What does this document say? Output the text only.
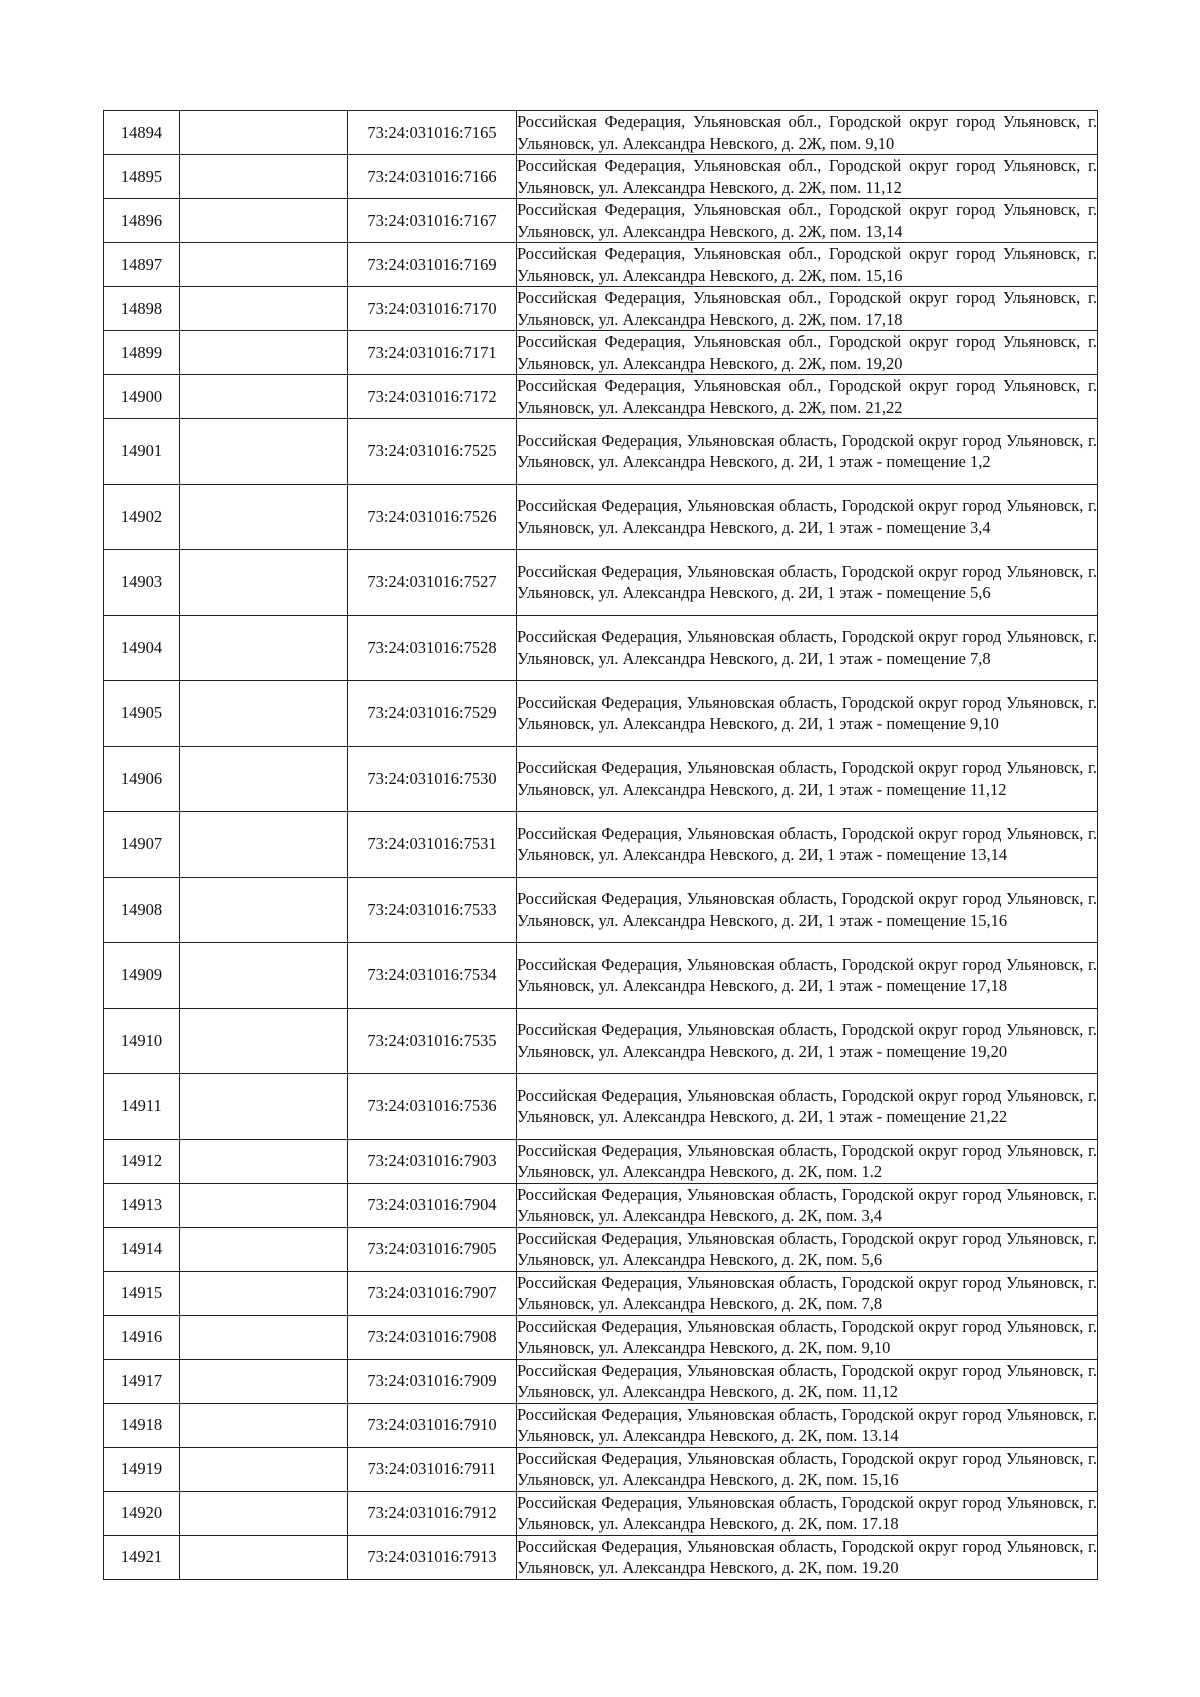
14894		73:24:031016:7165	Российская Федерация, Ульяновская обл., Городской округ город Ульяновск, г. Ульяновск, ул. Александра Невского, д. 2Ж, пом. 9,10
14895		73:24:031016:7166	Российская Федерация, Ульяновская обл., Городской округ город Ульяновск, г. Ульяновск, ул. Александра Невского, д. 2Ж, пом. 11,12
14896		73:24:031016:7167	Российская Федерация, Ульяновская обл., Городской округ город Ульяновск, г. Ульяновск, ул. Александра Невского, д. 2Ж, пом. 13,14
14897		73:24:031016:7169	Российская Федерация, Ульяновская обл., Городской округ город Ульяновск, г. Ульяновск, ул. Александра Невского, д. 2Ж, пом. 15,16
14898		73:24:031016:7170	Российская Федерация, Ульяновская обл., Городской округ город Ульяновск, г. Ульяновск, ул. Александра Невского, д. 2Ж, пом. 17,18
14899		73:24:031016:7171	Российская Федерация, Ульяновская обл., Городской округ город Ульяновск, г. Ульяновск, ул. Александра Невского, д. 2Ж, пом. 19,20
14900		73:24:031016:7172	Российская Федерация, Ульяновская обл., Городской округ город Ульяновск, г. Ульяновск, ул. Александра Невского, д. 2Ж, пом. 21,22
14901		73:24:031016:7525	Российская Федерация, Ульяновская область, Городской округ город Ульяновск, г. Ульяновск, ул. Александра Невского, д. 2И, 1 этаж - помещение 1,2
14902		73:24:031016:7526	Российская Федерация, Ульяновская область, Городской округ город Ульяновск, г. Ульяновск, ул. Александра Невского, д. 2И, 1 этаж - помещение 3,4
14903		73:24:031016:7527	Российская Федерация, Ульяновская область, Городской округ город Ульяновск, г. Ульяновск, ул. Александра Невского, д. 2И, 1 этаж - помещение 5,6
14904		73:24:031016:7528	Российская Федерация, Ульяновская область, Городской округ город Ульяновск, г. Ульяновск, ул. Александра Невского, д. 2И, 1 этаж - помещение 7,8
14905		73:24:031016:7529	Российская Федерация, Ульяновская область, Городской округ город Ульяновск, г. Ульяновск, ул. Александра Невского, д. 2И, 1 этаж - помещение 9,10
14906		73:24:031016:7530	Российская Федерация, Ульяновская область, Городской округ город Ульяновск, г. Ульяновск, ул. Александра Невского, д. 2И, 1 этаж - помещение 11,12
14907		73:24:031016:7531	Российская Федерация, Ульяновская область, Городской округ город Ульяновск, г. Ульяновск, ул. Александра Невского, д. 2И, 1 этаж - помещение 13,14
14908		73:24:031016:7533	Российская Федерация, Ульяновская область, Городской округ город Ульяновск, г. Ульяновск, ул. Александра Невского, д. 2И, 1 этаж - помещение 15,16
14909		73:24:031016:7534	Российская Федерация, Ульяновская область, Городской округ город Ульяновск, г. Ульяновск, ул. Александра Невского, д. 2И, 1 этаж - помещение 17,18
14910		73:24:031016:7535	Российская Федерация, Ульяновская область, Городской округ город Ульяновск, г. Ульяновск, ул. Александра Невского, д. 2И, 1 этаж - помещение 19,20
14911		73:24:031016:7536	Российская Федерация, Ульяновская область, Городской округ город Ульяновск, г. Ульяновск, ул. Александра Невского, д. 2И, 1 этаж - помещение 21,22
14912		73:24:031016:7903	Российская Федерация, Ульяновская область, Городской округ город Ульяновск, г. Ульяновск, ул. Александра Невского, д. 2К, пом. 1.2
14913		73:24:031016:7904	Российская Федерация, Ульяновская область, Городской округ город Ульяновск, г. Ульяновск, ул. Александра Невского, д. 2К, пом. 3,4
14914		73:24:031016:7905	Российская Федерация, Ульяновская область, Городской округ город Ульяновск, г. Ульяновск, ул. Александра Невского, д. 2К, пом. 5,6
14915		73:24:031016:7907	Российская Федерация, Ульяновская область, Городской округ город Ульяновск, г. Ульяновск, ул. Александра Невского, д. 2К, пом. 7,8
14916		73:24:031016:7908	Российская Федерация, Ульяновская область, Городской округ город Ульяновск, г. Ульяновск, ул. Александра Невского, д. 2К, пом. 9,10
14917		73:24:031016:7909	Российская Федерация, Ульяновская область, Городской округ город Ульяновск, г. Ульяновск, ул. Александра Невского, д. 2К, пом. 11,12
14918		73:24:031016:7910	Российская Федерация, Ульяновская область, Городской округ город Ульяновск, г. Ульяновск, ул. Александра Невского, д. 2К, пом. 13.14
14919		73:24:031016:7911	Российская Федерация, Ульяновская область, Городской округ город Ульяновск, г. Ульяновск, ул. Александра Невского, д. 2К, пом. 15,16
14920		73:24:031016:7912	Российская Федерация, Ульяновская область, Городской округ город Ульяновск, г. Ульяновск, ул. Александра Невского, д. 2К, пом. 17.18
14921		73:24:031016:7913	Российская Федерация, Ульяновская область, Городской округ город Ульяновск, г. Ульяновск, ул. Александра Невского, д. 2К, пом. 19.20
